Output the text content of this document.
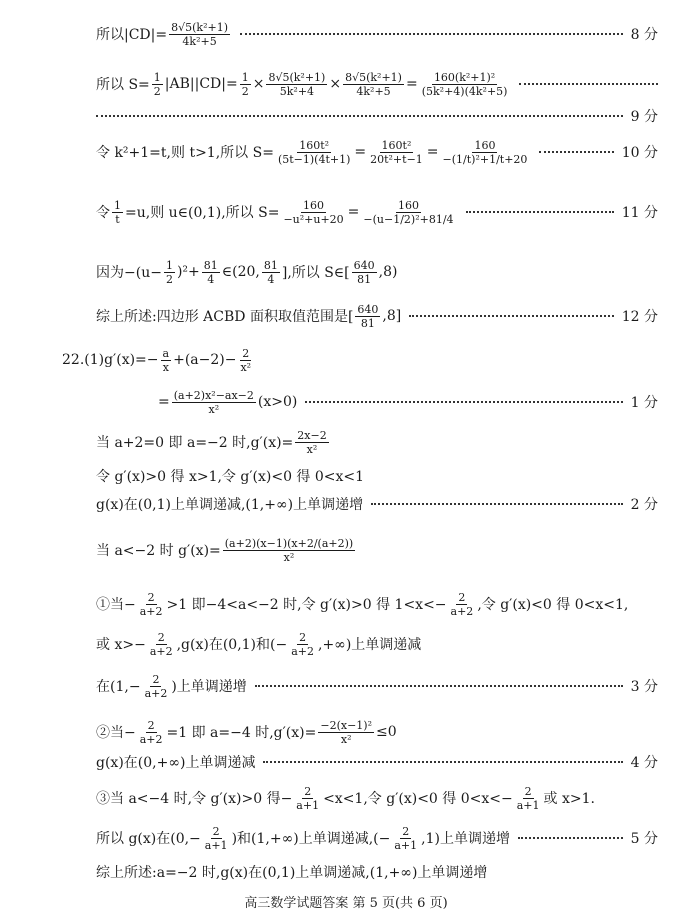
所以$|CD|= \frac{\text{8√5(k²+1)}}{\text{4k²+5}}$	8 分
所以 $S= \frac{1}{2} |AB||CD|= \frac{1}{2} \times \frac{\text{8√5(k²+1)}}{\text{5k²+4}} \times \frac{\text{8√5(k²+1)}}{\text{4k²+5}} = \frac{\text{160(k²+1)²}}{\text{(5k²+4)(4k²+5)}}$
9 分
令 k²+1=t,则 t>1,所以 $S= \frac{\text{160t²}}{(5t-1)(4t+1)} = \frac{\text{160t²}}{\text{20t²+t−1}} = \frac{160}{\text{−(1/t)²+1/t+20}}$	10 分
令 $\frac{1}{t} =u$,则 u∈(0,1),所以 $S= \frac{160}{\text{−u²+u+20}} = \frac{160}{\text{−(u−1/2)²+81/4}}$	11 分
因为$-(u- \frac{1}{2} )^2+ \frac{81}{4}$ ∈(20, $\frac{81}{4}$ ],所以 S∈[ $\frac{640}{81} ,8$)
综上所述:四边形 ACBD 面积取值范围是[ $\frac{640}{81} ,8$]	12 分
$22.(1)g'(x)=- \frac{a}{x} +(a-2)- \frac{2}{\text{x²}}$
= $\frac{\text{(a+2)x²−ax−2}}{\text{x²}} (x>0)$	1 分
当 a+2=0 即 a=−2 时$,g'(x)= \frac{2x-2}{\text{x²}}$
令 g′(x)>0 得 x>1,令 g′(x)<0 得 0<x<1
g(x)在(0,1)上单调递减,(1,+∞)上单调递增	2 分
当 a<−2 时 $g'(x)= \frac{(a+2)(x-1)(x+2/(a+2))}{\text{x²}}$
①当− $\frac{2}{a+2} >1$ 即−4<a<−2 时,令 g′(x)>0 得 $1<x<- \frac{2}{a+2}$ ,令 g′(x)<0 得 0<x<1,
或 $x>- \frac{2}{a+2} ,g(x)$在(0,1)和(− $\frac{2}{a+2}$ ,+∞)上单调递减
在($1,- \frac{2}{a+2}$ )上单调递增	3 分
②当− $\frac{2}{a+2} =1$ 即 a=−4 时$,g'(x)= \frac{\text{−2(x−1)²}}{\text{x²}} \le 0$
g(x)在(0,+∞)上单调递减	4 分
③当 a<−4 时,令 g′(x)>0 得− $\frac{2}{a+1} <x<1$,令 g′(x)<0 得 $0<x<- \frac{2}{a+1}$ 或 x>1.
所以 g(x)在($0,- \frac{2}{a+1}$ )和(1,+∞)上单调递减,(− $\frac{2}{a+1} ,1$)上单调递增	5 分
综上所述:a=−2 时,g(x)在(0,1)上单调递减,(1,+∞)上单调递增
高三数学试题答案 第 5 页(共 6 页)
